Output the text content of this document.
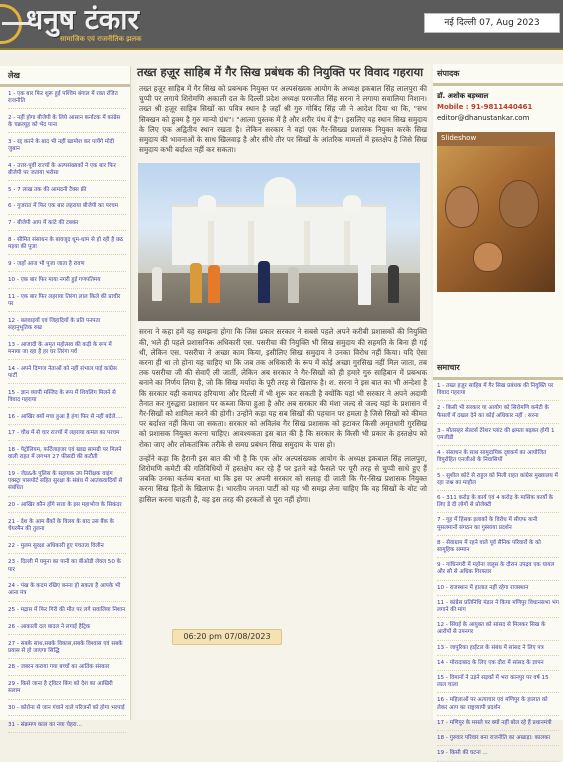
धनुष टंकार
सामाजिक एवं राजनीतिक झलक
नई दिल्ली 07, Aug 2023
लेख
1 - एक बार फिर शुरू हुई पश्चिम बंगाल में रक्त रंजित राजनीति
2 - नहीं होगा बीजेपी के लिये आसान कर्नाटक में कांग्रेस के चक्रव्यूह को भेद पाना
3 - रद्द करने के बाद भी नहीं खामोश कर पायेंगे मोदी जुबान
4 - उत्तर-पूर्वी राज्यों के अल्पसंख्यकों ने एक बार फिर बीजेपी पर जताया भरोसा
5 - 7 लाख तक की आमदनी टैक्स फ्री
6 - गुजरात में फिर एक बार लहराया बीजेपी का परचम
7 - बीजेपी आप में कांटे की टक्कर
8 - सीमित संसाधन के बावजूद धूम-धाम से हो रही है छठ मइया की पूजा
9 - जहाँ आज भी पूजा जाता है रावण
10 - एक बार फिर माया नगरी हुई गणपतिमय
11 - एक बार फिर लहराया तिरंगा लाल किले की प्राचीर पर
12 - बलवाइयों एवं जिहादियों के प्रति पनपता सहानुभूतिक रुख
13 - आजादी के अमृत महोत्सव की कड़ी के रूप में मनाया जा रहा है हर घर तिरंगा पर्व
14 - अपने दिग्गज नेताओं को नहीं संभाल पाई कांग्रेस पार्टी
15 - ज्ञान व्यापी मस्जिद के रूप में शिवलिंग मिलने से विवाद गहराया
16 - आखिर क्यों मचा हुआ है हंगा फिर से नहीं बदेले....
17 - चौथ में से चार राज्यों में लहराया कमल का परचम
18 - पेट्रोलियम, फर्टिलाइजर एवं खाद्य सामग्री पर मिलने वाली राहत में लगभग 27 फीसदी की कटौती
19 - जेड&के पुलिस के सहायक उप निरीक्षक वाइंग एक्स्ट्रा पासपोर्ट सहित सुरक्षा के संबंध में आतंकवादियों से संबंधित
20 - आखिर कौन होंगे सत्ता के इस महाभोज के सिकंदर
21 - देश के आम बैंकों के विलय के बाद उस बैंक के चेयरमैन की तुलना
22 - मुलम सुरक्षा अधिकारी हुए पंचतत्व विलीन
23 - दिल्ली में यमुना का पानी का बीओडी लेवल 50 के पार
24 - पंख के कदम रखिए बनना हो सकता है आपके भी आना मंत्र
25 - मद्रास में फिर गिरी की मौत पर लगे सवालिया निशान
26 - आकाली दल बादल ने लगाई हैट्रिक
27 - सबके साथ,सबके विकास,सबके विश्वास एवं सबके प्रयास से हो जाएगा सिद्धि
28 - जबरन कराया गया बच्चों का आतिंक संस्कार
29 - किसे जाना है ट्विटर किंग को देश का आखिरी सलाम
30 - कोरोना से जान गंवाने वाले परिजनों को होगा भरपाई
31 - संक्रमण काल का नया चेहरा...
तख्त हज़ूर साहिब में गैर सिख प्रबंधक की नियुक्ति पर विवाद गहराया

तख्त हज़ूर साहिब में गैर सिख को प्रबन्धक नियुक्त पर अल्पसंख्यक आयोग के अध्यक्ष इकबाल सिंह लालपुरा की चुप्पी पर लगाये शिरोमणि अकाली दल के दिल्ली प्रदेश अध्यक्ष परमजीत सिंह सरना ने लगाया सवालिया निशान। तख्त श्री हज़ूर साहिब सिखों का पवित्र स्थान है जहाँ श्री गुरु गोबिंद सिंह जी ने आदेश दिया था कि, "सभ सिक्खन को हुक्म है गुरु मान्यो ग्रंथ"। "आत्मा पुस्तक में है और शरीर पंथ में है"। इसलिए यह स्थान सिख समुदाय के लिए एक अद्वितीय स्थान रखता है। लेकिन सरकार ने वहां एक गैर-सिख्ख प्रशासक नियुक्त करके सिख समुदाय की भावनाओं के साथ खिलवाड़ है और सीधे तौर पर सिखों के आंतरिक मामलों में हस्तक्षेप है जिसे सिख समुदाय कभी बर्दाश्त नहीं कर सकता।

सरना ने कहा हमें यह समझना होगा कि जिस प्रकार सरकार ने सबसे पहले अपने करीबी प्रशासकों की नियुक्ति की, भले ही पहले प्रशासनिक अधिकारी एस. पसरीचा की नियुक्ति भी सिख समुदाय की सहमति के बिना ही गई थी, लेकिन एस. पसरीचा ने अच्छा काम किया, इसीलिए सिख समुदाय ने उनका विरोध नहीं किया। यदि ऐसा करना ही था तो होना यह चाहिए था कि जब तक अधिकारी के रूप में कोई अच्छा गुरसिख नहीं मिल जाता, तब तक पसरीचा जी की सेवाएँ ली जातीं, लेकिन अब सरकार ने गैर-सिखों को ही हमारे गुरु साहिबान में प्रबन्धक बनाने का निर्णय लिया है, जो कि सिख मर्यादा के पूरी तरह से खिलाफ है। श. सरना ने इस बात का भी अन्देशा है कि सरकार यही कवायद हरियाणा और दिल्ली में भी शुरू कर सकती है क्योंकि यहां भी सरकार ने अपने अदामी तैनात कर गुरुद्वारा प्रशासन पर कब्जा किया हुआ है और अब सरकार की मंशा जल्द से जल्द यहां के प्रशासन में गैर-सिखों को शामिल करने की होगी। उन्होंने कहा यह सब सिखों की पहचान पर हमला है जिसे सिखों को कीमत पर बर्दाश्त नहीं किया जा सकता। सरकार को अविलंब गैर सिख प्रशासक को हटाकर किसी अमृतधारी गुरसिख को प्रशासक नियुक्त करना चाहिए। आवश्यकता इस बात की है कि सरकार के किसी भी प्रकार के हस्तक्षेप को रोका जाए और लोकतांत्रिक तरीके से समग्र प्रबंधन सिख समुदाय के पास हो।

उन्होंने कहा कि हैरानी इस बात की भी है कि एक ओर अल्पसंख्यक आयोग के अध्यक्ष इकबाल सिंह लालपुरा, शिरोमणि कमेटी की गतिविधियों में हस्तक्षेप कर रहे हैं पर इतने बड़े फैसले पर पूरी तरह से चुप्पी साधे हुए हैं जबकि उनका कर्तव्य बनता था कि इस पर अपनी सरकार को सलाह दी जाती कि गैर-सिख प्रशासक नियुक्त करना सिख हितों के खिलाफ है। भारतीय जनता पार्टी को यह भी समझ लेना चाहिए कि वह सिखों के वोट जो हासिल करना चाहती है, वह इस तरह की हरकतों से पूरा नहीं होगा।

06:20 pm 07/08/2023
संपादक
डॉ. अशोक बड़थ्वाल
Mobile : 91-9811440461
editor@dhanustankar.com
Slideshow
समाचार
1 - तख्त हज़ूर साहिब में गैर सिख प्रबंधक की नियुक्ति पर विवाद गहराया
2 - किसी भी सरकार या आयोग को सिरोमणि कमेटी के फैसलों में दखल देने का कोई अधिकार नहीं : सरना
3 - मोतसहर सेल्टर्स टेरेशर प्लांट की क्षमता बढ़कर होगी 1 एमजीडी
4 - संसाधन के साथ सामुदायिक दृष्टकर्म का आयोजित विपुरोहित एनजीओ के निवासियों
5 - सुशील कोटे से राहुल को मिली राहत कांग्रेस मुख्यालय में रहा जश्न का माहौल
6 - 311 करोड़ के कार्य एवं 4 करोड़ के मासिक कार्यों के लिए डे दी लोगों से प्रोजेक्टी
7 - गूह में हिंसक इलाकों के विरोध में सीएफ यानी मुसलमानों संगठन का गुस्साया प्रदर्शन
8 - सेवाग्राम में रहने वाले पूर्व सैनिक परिवारों के को सामूहिक सम्मान
9 - गांधिनगरी में महोना जलूस के दौरान उपद्रव एक घायल और सौ से अधिक गिरफ्तार
10 - राजस्थान में हालात नहीं रहेगा राजस्थान
11 - कांग्रेस प्रतिनिधि मंडल ने किया मणिपुर विधानसभा भंग लगाने की मांग
12 - सिंघई के आयुक्त को सांसद से मिलकर सिख के आरोपों से उपनगर
13 - जापुरिका हाईटल के संबंध में सांसद ने लिए पत्र
14 - मोरादाबाद के लिए एक दौरा में सांसद के ज्ञापन
15 - विमानों ने उड़ने सड़कों में भरा कानपुर पर वर्ष 15 लाल चाला
16 - महिलाओं पर अत्याचार एवं मणिपुर के हालात को लेकर आप का राष्ट्रव्यापी प्रदर्शन
17 - मणिपुर के मसले पर क्यों नहीं बोल रहे हैं प्रधानमंत्री
18 - गुरुवार परिवार बना राजनीति का अखाड़ा: कालका
19 - किसी की घटना ...
